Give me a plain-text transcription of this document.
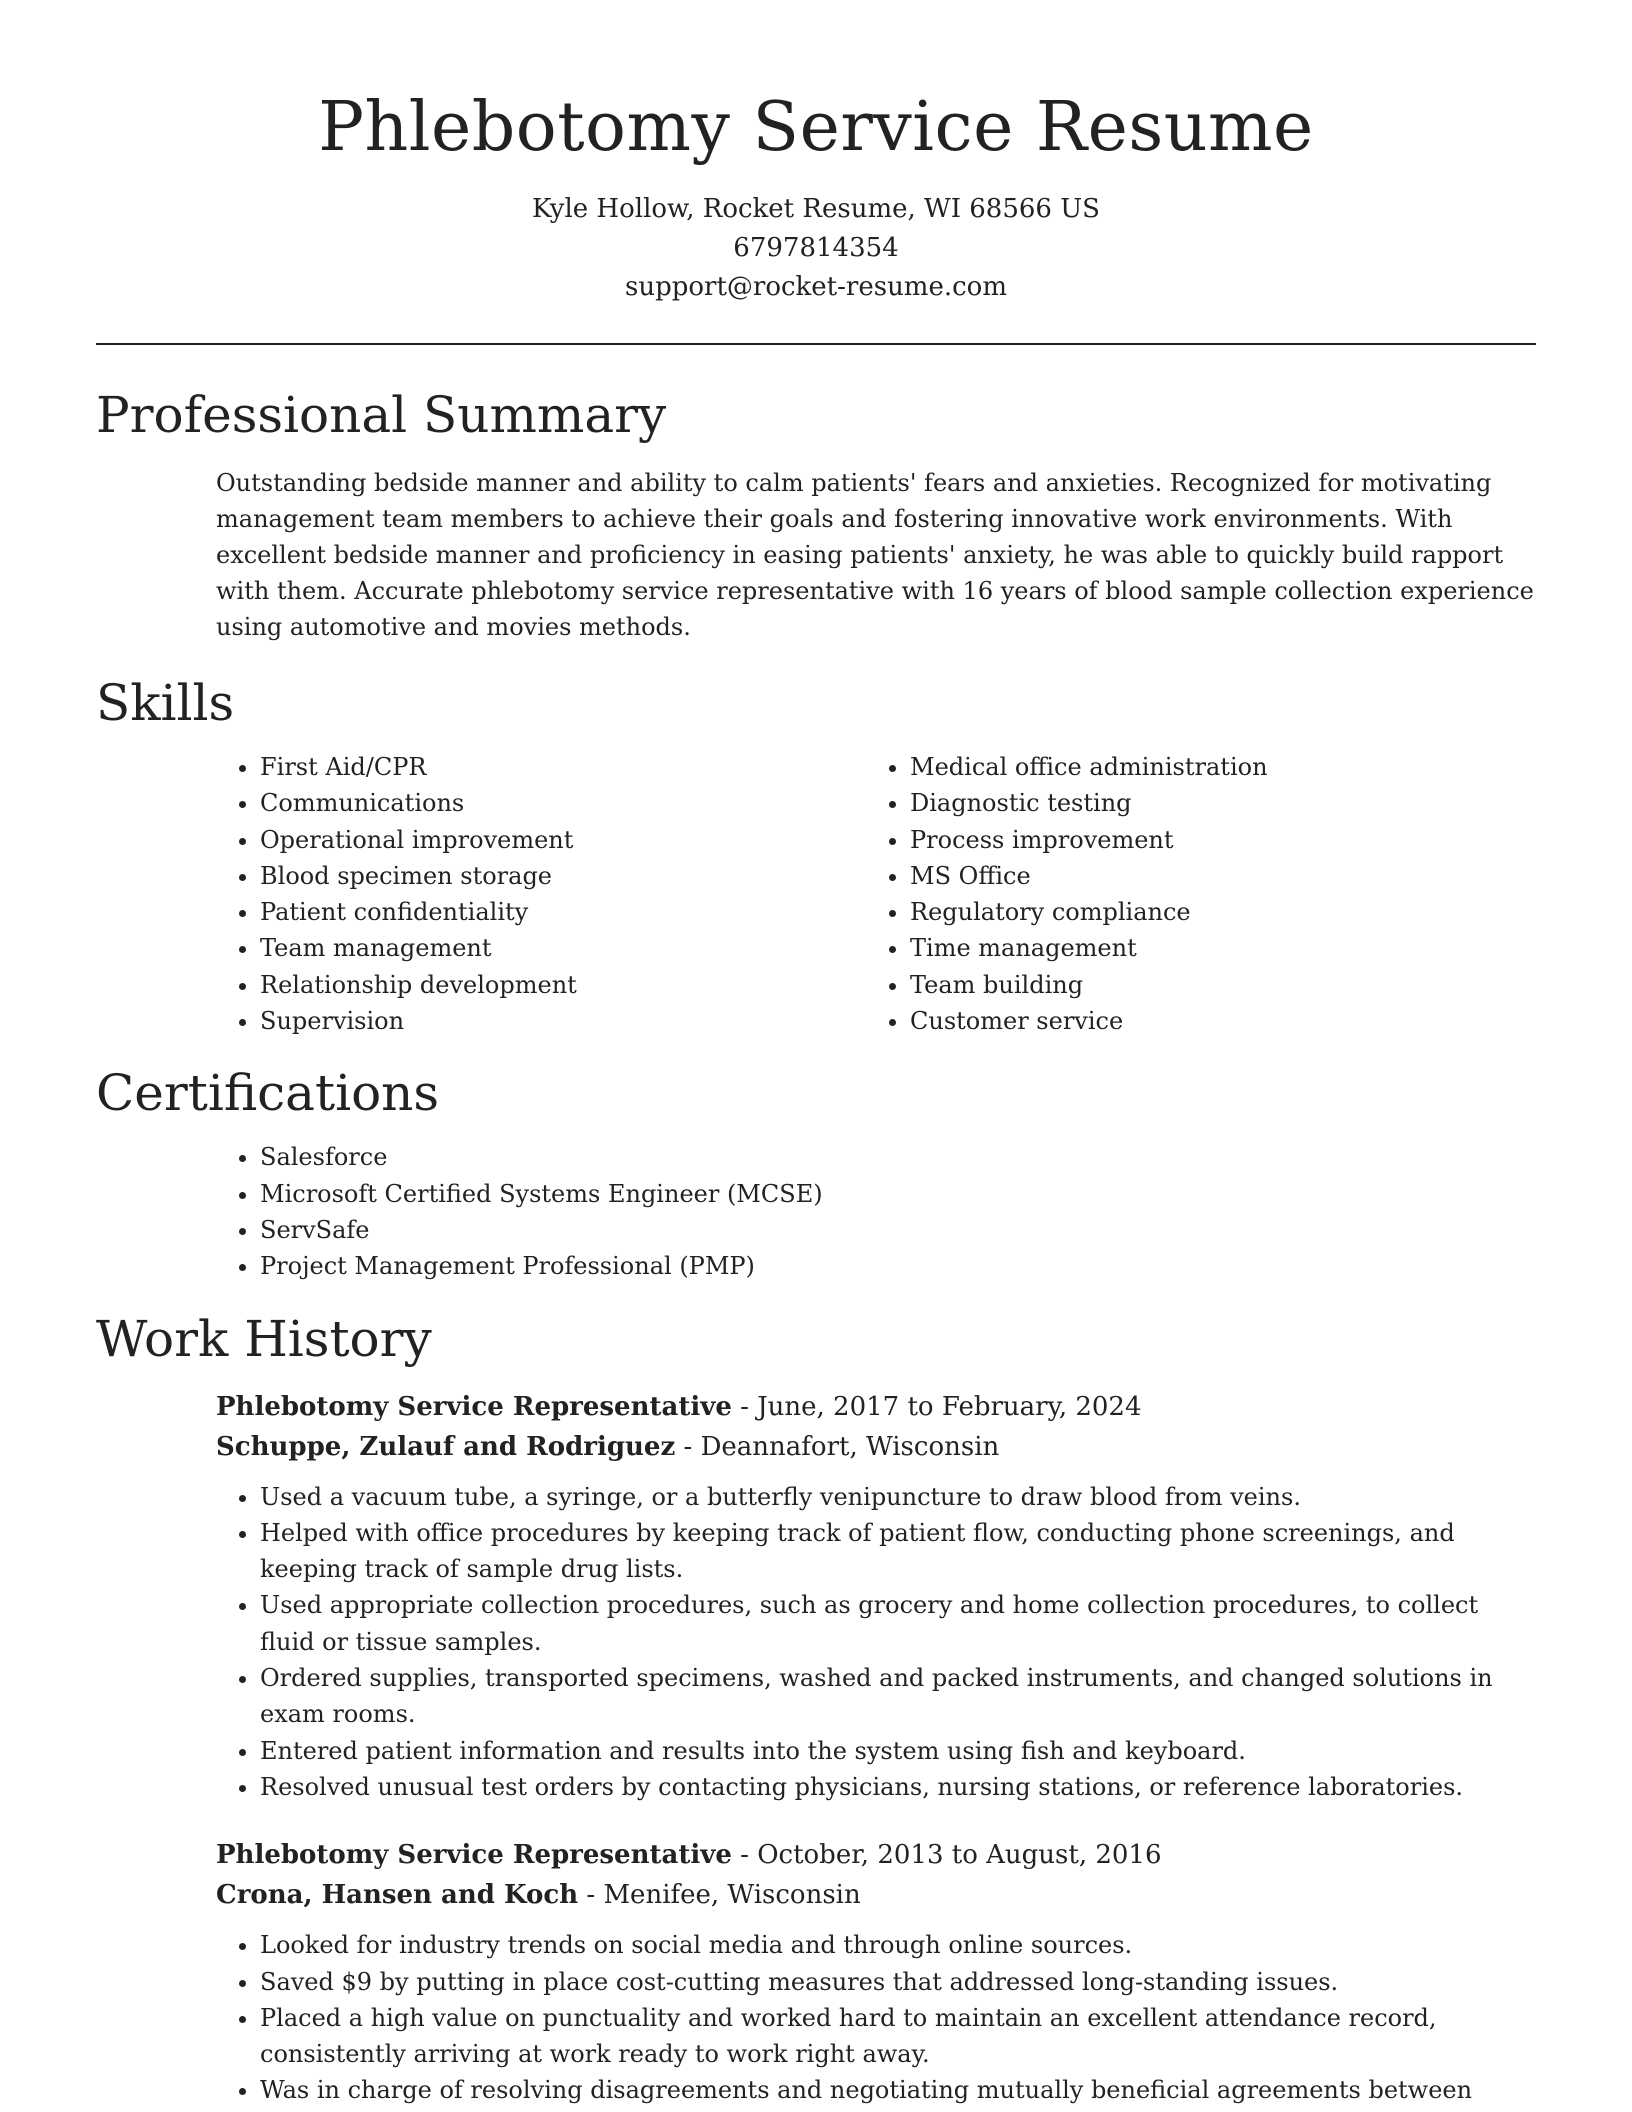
Phlebotomy Service Resume
Kyle Hollow, Rocket Resume, WI 68566 US
6797814354
support@rocket-resume.com
Professional Summary

Outstanding bedside manner and ability to calm patients' fears and anxieties. Recognized for motivating management team members to achieve their goals and fostering innovative work environments. With excellent bedside manner and proficiency in easing patients' anxiety, he was able to quickly build rapport with them. Accurate phlebotomy service representative with 16 years of blood sample collection experience using automotive and movies methods.

Skills
• First Aid/CPR
• Communications
• Operational improvement
• Blood specimen storage
• Patient confidentiality
• Team management
• Relationship development
• Supervision
• Medical office administration
• Diagnostic testing
• Process improvement
• MS Office
• Regulatory compliance
• Time management
• Team building
• Customer service
Certifications
• Salesforce
• Microsoft Certified Systems Engineer (MCSE)
• ServSafe
• Project Management Professional (PMP)
Work History
Phlebotomy Service Representative - June, 2017 to February, 2024
Schuppe, Zulauf and Rodriguez - Deannafort, Wisconsin
• Used a vacuum tube, a syringe, or a butterfly venipuncture to draw blood from veins.
• Helped with office procedures by keeping track of patient flow, conducting phone screenings, and keeping track of sample drug lists.
• Used appropriate collection procedures, such as grocery and home collection procedures, to collect fluid or tissue samples.
• Ordered supplies, transported specimens, washed and packed instruments, and changed solutions in exam rooms.
• Entered patient information and results into the system using fish and keyboard.
• Resolved unusual test orders by contacting physicians, nursing stations, or reference laboratories.
Phlebotomy Service Representative - October, 2013 to August, 2016
Crona, Hansen and Koch - Menifee, Wisconsin
• Looked for industry trends on social media and through online sources.
• Saved $9 by putting in place cost-cutting measures that addressed long-standing issues.
• Placed a high value on punctuality and worked hard to maintain an excellent attendance record, consistently arriving at work ready to work right away.
• Was in charge of resolving disagreements and negotiating mutually beneficial agreements between
